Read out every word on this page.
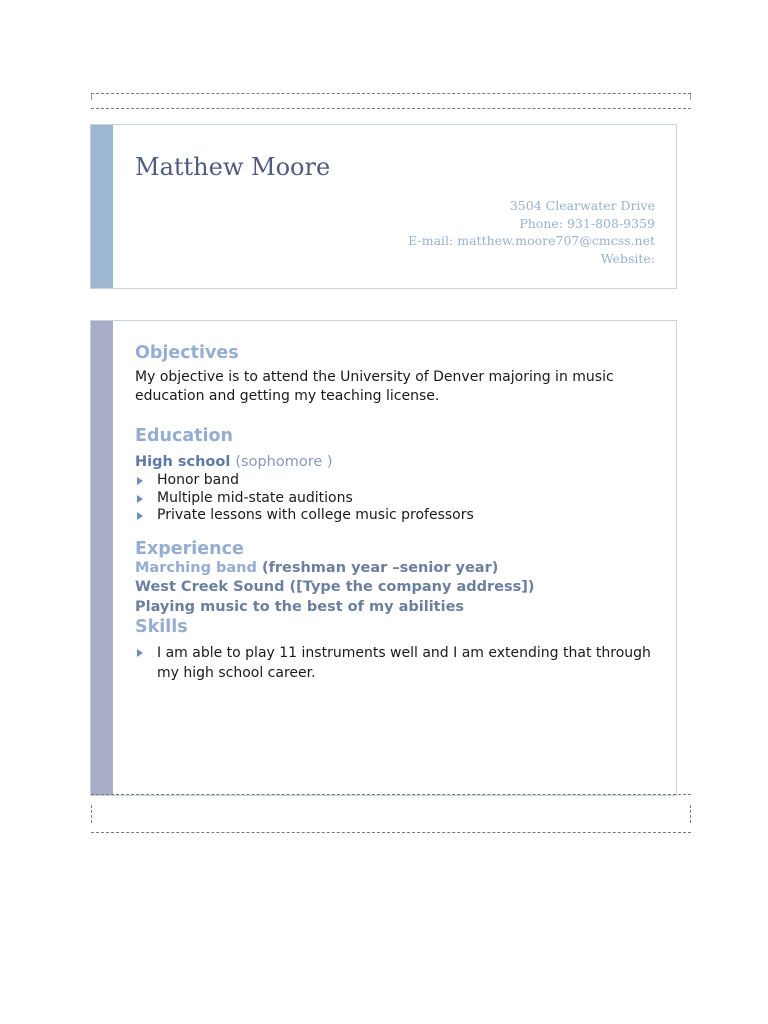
Matthew Moore
3504 Clearwater Drive
Phone: 931-808-9359
E-mail: matthew.moore707@cmcss.net
Website:
Objectives

My objective is to attend the University of Denver majoring in music education and getting my teaching license.

Education

High school (sophomore )

Honor band
Multiple mid-state auditions
Private lessons with college music professors
Experience

Marching band (freshman year –senior year)

West Creek Sound ([Type the company address])

Playing music to the best of my abilities

Skills
I am able to play 11 instruments well and I am extending that through my high school career.
